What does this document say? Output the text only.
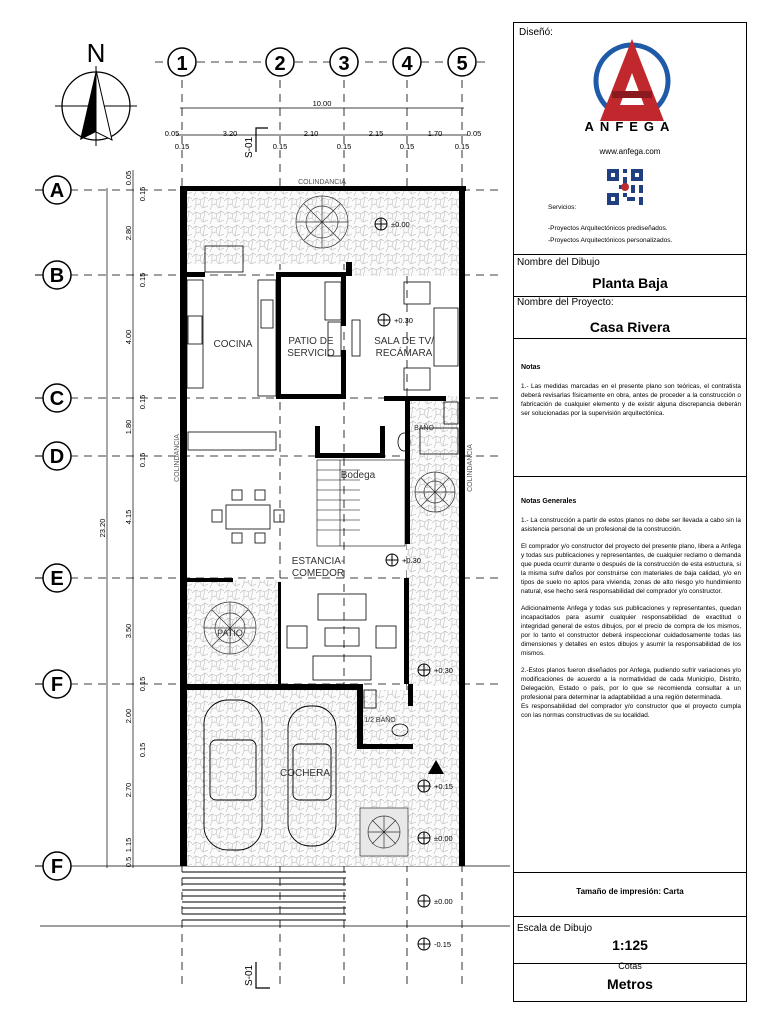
N	1	2	3	4 5
10.00
0.05	3.20	2.10	2.15	1.70	0.05
0.15	0.15	0.15	0.15	0.15
A
B
C
D
E
F
F
23.20
0.05
2.80
4.00
1.80
4.15
3.50
2.00
0.15
2.70
1.15
0.5
0.15
0.15
0.15
0.15
0.15
S-01
S-01
COLINDANCIA
COLINDANCIA	COLINDANCIA
COCINA	PATIO DE
SERVICIO
SALA DE TV/
RECÁMARA
BAÑO
Bodega
ESTANCIA-
COMEDOR
PATIO
1/2 BAÑO
COCHERA
±0.00
+0.30
+0.30
+0.30
+0.15
±0.00
±0.00
-0.15
Diseñó:
ANFEGA
www.anfega.com
Servicios:
-Proyectos Arquitectónicos prediseñados.
-Proyectos Arquitectónicos personalizados.
Nombre del Dibujo
Planta Baja
Nombre del Proyecto:
Casa Rivera

Notas

1.- Las medidas marcadas en el presente plano son teóricas, el contratista deberá revisarlas físicamente en obra, antes de proceder a la construcción o fabricación de cualquier elemento y de existir alguna discrepancia deberán ser solucionadas por la supervisión arquitectónica.

Notas Generales

1.- La construcción a partir de estos planos no debe ser llevada a cabo sin la asistencia personal de un profesional de la construcción.

El comprador y/o constructor del proyecto del presente plano, libera a Anfega y todas sus publicaciones y representantes, de cualquier reclamo o demanda que pueda ocurrir durante o después de la construcción de esta estructura, si la misma sufre daños por construirse con materiales de baja calidad, y/o en tipos de suelo no aptos para vivienda, zonas de alto riesgo y/o hundimiento natural, ese hecho será responsabilidad del comprador y/o constructor.

Adicionalmente Anfega y todas sus publicaciones y representantes, quedan incapacitados para asumir cualquier responsabilidad de exactitud o integridad general de estos dibujos, por el precio de compra de los mismos, por lo tanto el constructor deberá inspeccionar cuidadosamente todas las dimensiones y detalles en estos dibujos y asumir la responsabilidad de los mismos.

2.-Estos planos fueron diseñados por Anfega, pudiendo sufrir variaciones y/o modificaciones de acuerdo a la normatividad de cada Municipio, Distrito, Delegación, Estado o país, por lo que se recomienda consultar a un profesional para determinar la adaptabilidad a una región determinada.

Es responsabilidad del comprador y/o constructor que el proyecto cumpla con las normas constructivas de su localidad.

Tamaño de impresión: Carta
Escala de Dibujo
1:125
Cotas
Metros
